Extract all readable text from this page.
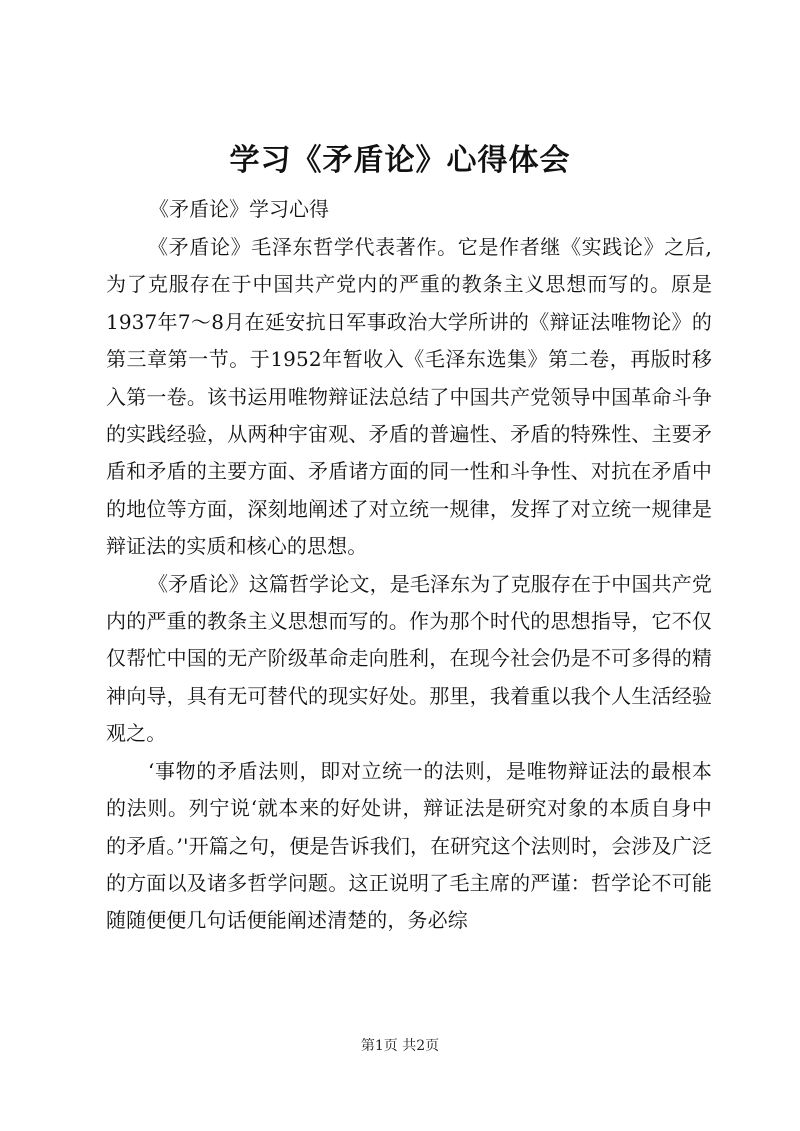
学习《矛盾论》心得体会
《矛盾论》学习心得

《矛盾论》毛泽东哲学代表著作。它是作者继《实践论》之后,为了克服存在于中国共产党内的严重的教条主义思想而写的。原是1937年7～8月在延安抗日军事政治大学所讲的《辩证法唯物论》的第三章第一节。于1952年暂收入《毛泽东选集》第二卷，再版时移入第一卷。该书运用唯物辩证法总结了中国共产党领导中国革命斗争的实践经验，从两种宇宙观、矛盾的普遍性、矛盾的特殊性、主要矛盾和矛盾的主要方面、矛盾诸方面的同一性和斗争性、对抗在矛盾中的地位等方面，深刻地阐述了对立统一规律，发挥了对立统一规律是辩证法的实质和核心的思想。

《矛盾论》这篇哲学论文，是毛泽东为了克服存在于中国共产党内的严重的教条主义思想而写的。作为那个时代的思想指导，它不仅仅帮忙中国的无产阶级革命走向胜利，在现今社会仍是不可多得的精神向导，具有无可替代的现实好处。那里，我着重以我个人生活经验观之。

‘事物的矛盾法则，即对立统一的法则，是唯物辩证法的最根本的法则。列宁说‘就本来的好处讲，辩证法是研究对象的本质自身中的矛盾。’'开篇之句，便是告诉我们，在研究这个法则时，会涉及广泛的方面以及诸多哲学问题。这正说明了毛主席的严谨：哲学论不可能随随便便几句话便能阐述清楚的，务必综

第1页 共2页
